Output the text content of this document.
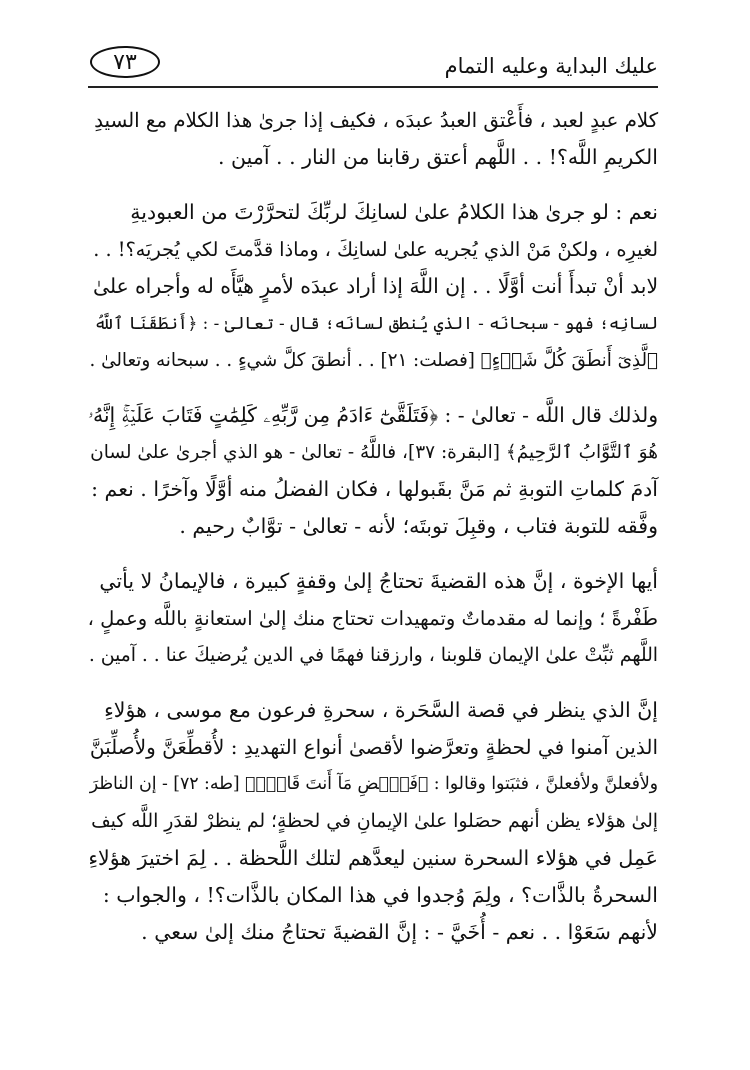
عليك البداية وعليه التمام
٧٣

كلام عبدٍ لعبد ، فأَعْتق العبدُ عبدَه ، فكيف إذا جرىٰ هذا الكلام مع السيدِ
الكريمِ اللَّه؟! . . اللَّهم أعتق رقابنا من النار . . آمين .

نعم : لو جرىٰ هذا الكلامُ علىٰ لسانِكَ لربِّكَ لتحرَّرْتَ من العبوديةِ
لغيرِه ، ولكنْ مَنْ الذي يُجريه علىٰ لسانِكَ ، وماذا قدَّمتَ لكي يُجريَه؟! . .
لابد أنْ تبدأَ أنت أوَّلًا . . إن اللَّهَ إذا أراد عبدَه لأمرٍ هيَّأَه له وأجراه علىٰ
لسانِه؛ فهو - سبحانَه - الذي يُنطق لسانَه؛ قال - تعالىٰ - : ﴿أَنطَقَنَا ٱللَّهُ
ٱلَّذِىٓ أَنطَقَ كُلَّ شَىۡءٍ﴾ [فصلت: ٢١] . . أنطقَ كلَّ شيءٍ . . سبحانه وتعالىٰ .

ولذلك قال اللَّه - تعالىٰ - : ﴿فَتَلَقَّىٰٓ ءَادَمُ مِن رَّبِّهِۦ كَلِمَٰتٍ فَتَابَ عَلَيۡهِۚ إِنَّهُۥ
هُوَ ٱلتَّوَّابُ ٱلرَّحِيمُ﴾ [البقرة: ٣٧]، فاللَّهُ - تعالىٰ - هو الذي أجرىٰ علىٰ لسان
آدمَ كلماتِ التوبةِ ثم مَنَّ بقَبولها ، فكان الفضلُ منه أوَّلًا وآخرًا . نعم :
وفَّقه للتوبة فتاب ، وقبِلَ توبتَه؛ لأنه - تعالىٰ - توَّابٌ رحيم .

أيها الإخوة ، إنَّ هذه القضيةَ تحتاجُ إلىٰ وقفةٍ كبيرة ، فالإيمانُ لا يأتي
طَفْرةً ؛ وإنما له مقدماتٌ وتمهيدات تحتاج منك إلىٰ استعانةٍ باللَّه وعملٍ ،
اللَّهم ثبِّتْ علىٰ الإيمان قلوبنا ، وارزقنا فهمًا في الدين يُرضيكَ عنا . . آمين .

إنَّ الذي ينظر في قصة السَّحَرة ، سحرةِ فرعون مع موسى ، هؤلاءِ
الذين آمنوا في لحظةٍ وتعرَّضوا لأقصىٰ أنواع التهديدِ : لأُقطِّعَنَّ ولأُصلِّبَنَّ
ولأفعلنَّ ولأفعلنَّ ، فثبَتوا وقالوا : ﴿فَٱقۡضِ مَآ أَنتَ قَاضٍۖ﴾ [طه: ٧٢] - إن الناظرَ
إلىٰ هؤلاء يظن أنهم حصَلوا علىٰ الإيمانِ في لحظةٍ؛ لم ينظرْ لقدَرِ اللَّه كيف
عَمِل في هؤلاء السحرة سنين ليعدَّهم لتلك اللَّحظة . . لِمَ اختيرَ هؤلاءِ
السحرةُ بالذَّات؟ ، ولِمَ وُجدوا في هذا المكان بالذَّات؟! ، والجواب :
لأنهم سَعَوْا . . نعم - أُخَيَّ - : إنَّ القضيةَ تحتاجُ منك إلىٰ سعي .
